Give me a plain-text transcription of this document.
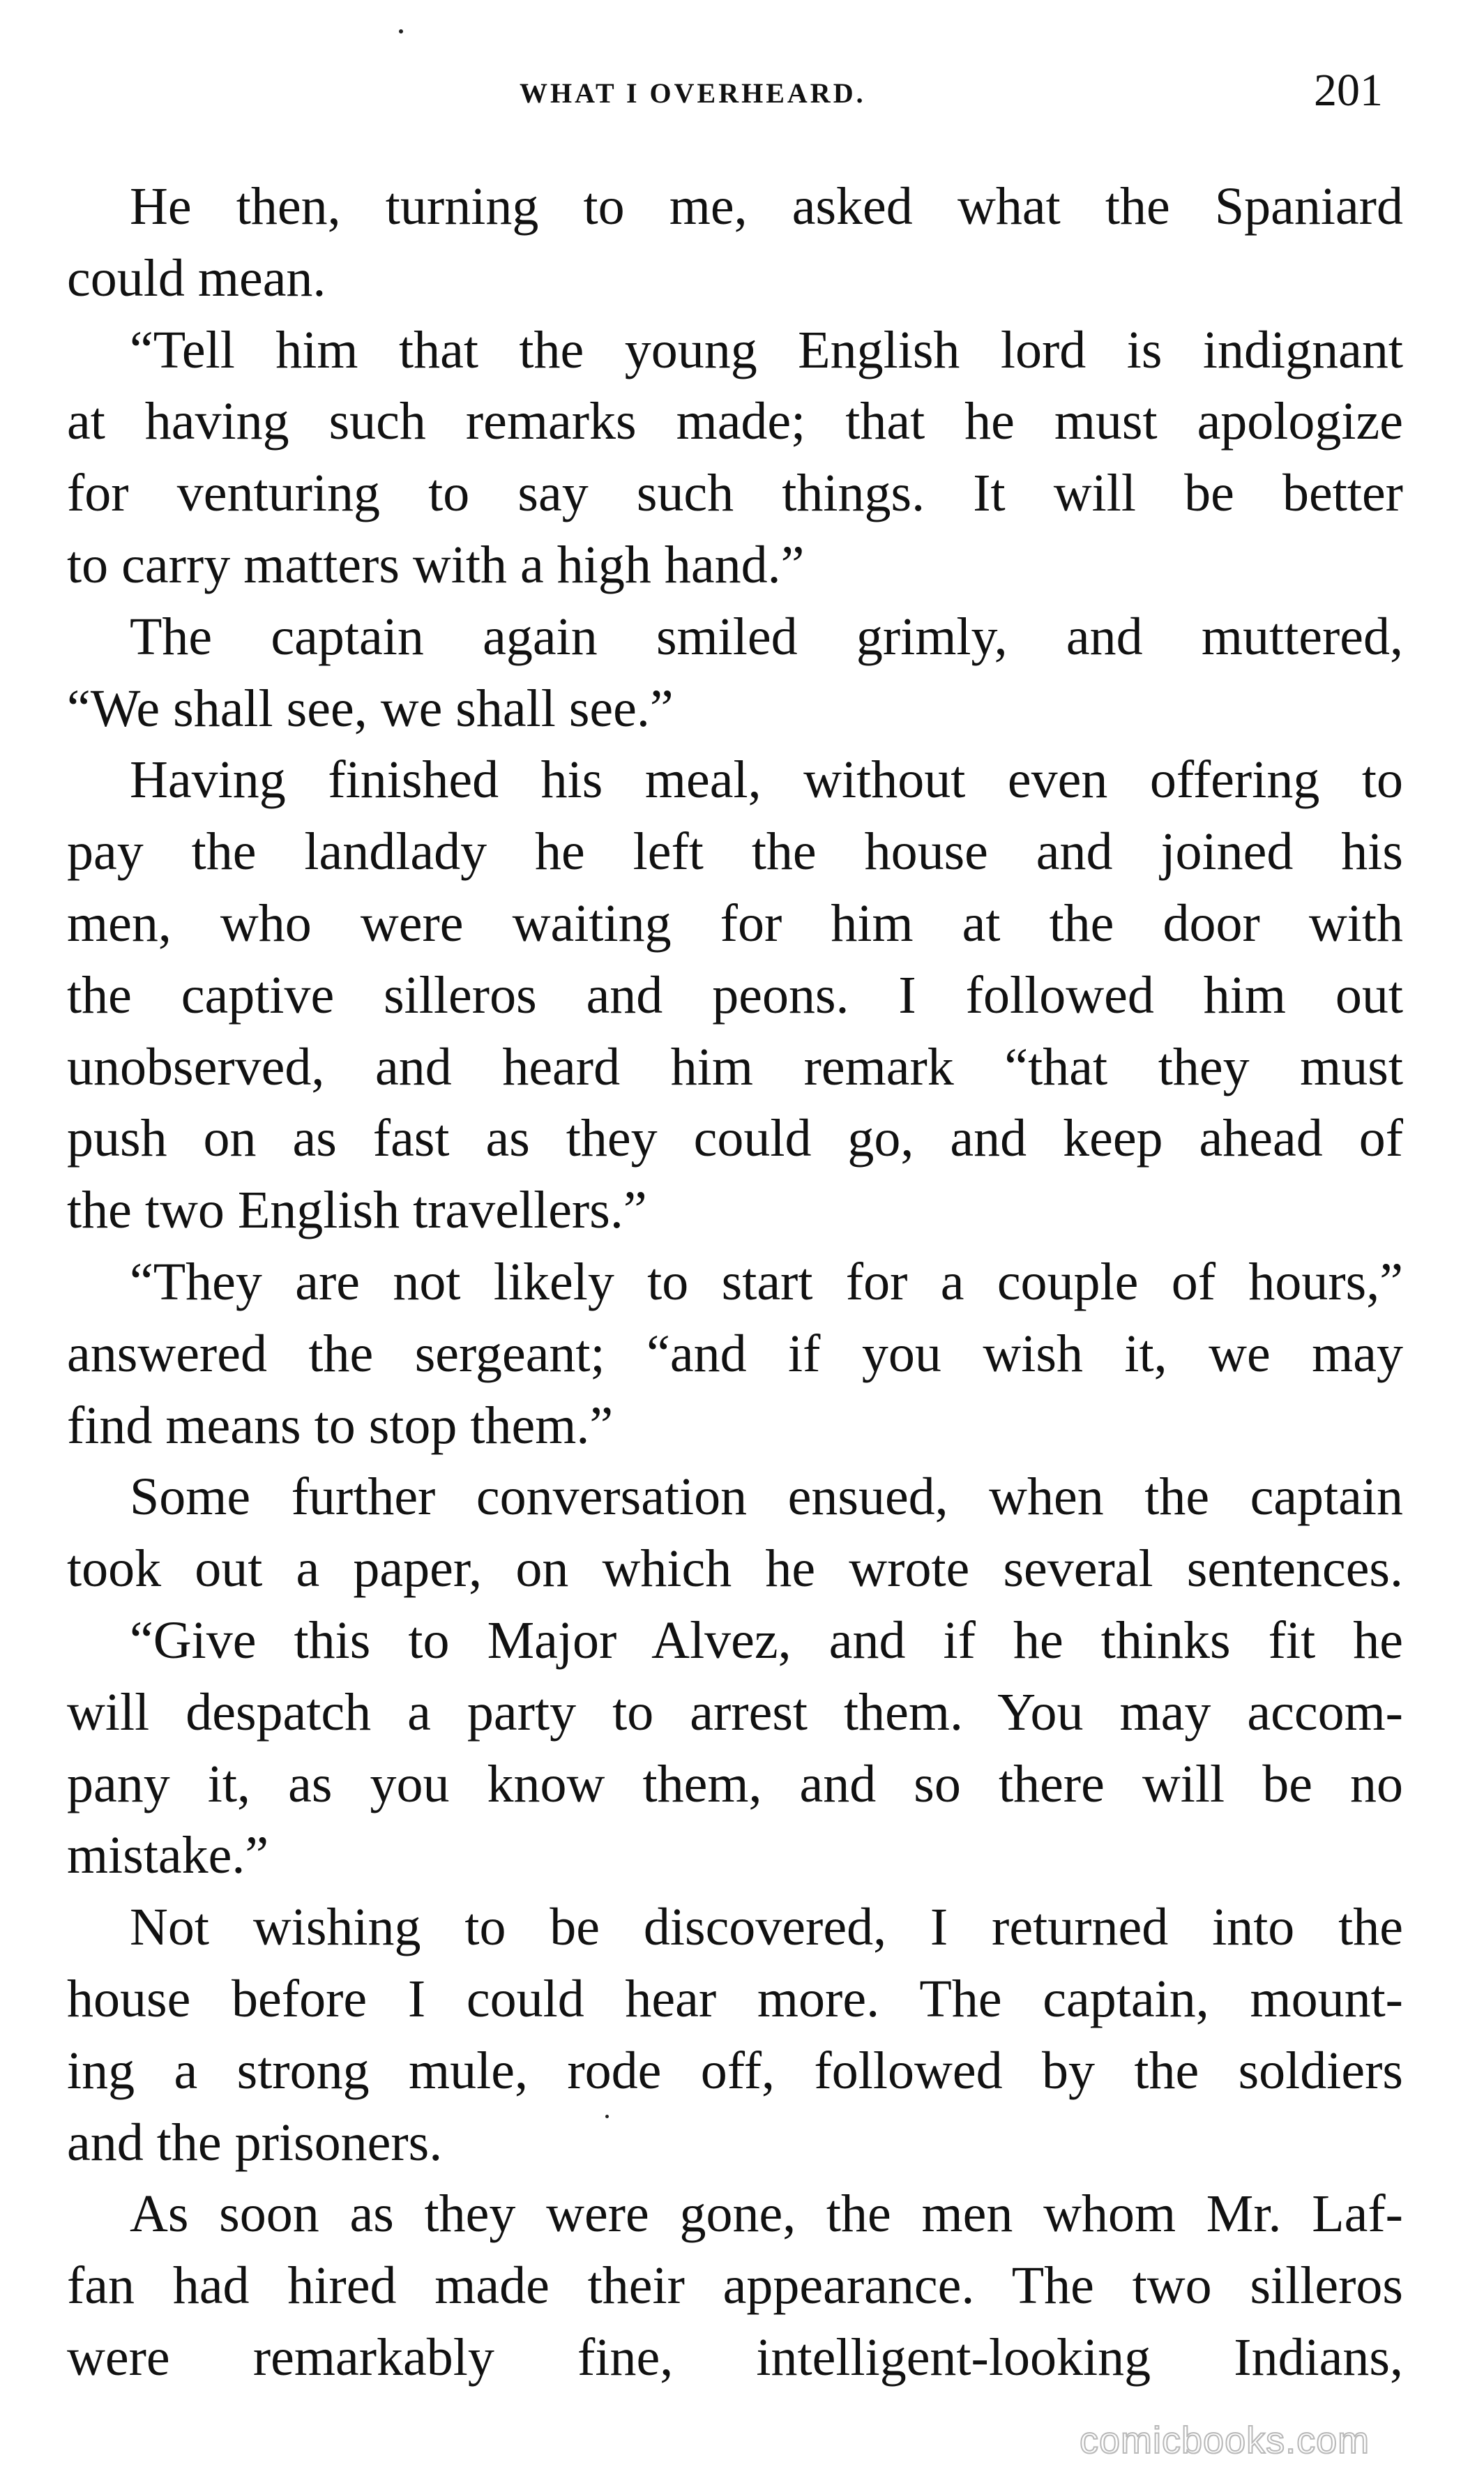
WHAT I OVERHEARD.	201
He then, turning to me, asked what the Spaniard
could mean.
“Tell him that the young English lord is indignant
at having such remarks made; that he must apologize
for venturing to say such things. It will be better
to carry matters with a high hand.”
The captain again smiled grimly, and muttered,
“We shall see, we shall see.”
Having finished his meal, without even offering to
pay the landlady he left the house and joined his
men, who were waiting for him at the door with
the captive silleros and peons. I followed him out
unobserved, and heard him remark “that they must
push on as fast as they could go, and keep ahead of
the two English travellers.”
“They are not likely to start for a couple of hours,”
answered the sergeant; “and if you wish it, we may
find means to stop them.”
Some further conversation ensued, when the captain
took out a paper, on which he wrote several sentences.
“Give this to Major Alvez, and if he thinks fit he
will despatch a party to arrest them. You may accom-
pany it, as you know them, and so there will be no
mistake.”
Not wishing to be discovered, I returned into the
house before I could hear more. The captain, mount-
ing a strong mule, rode off, followed by the soldiers
and the prisoners.
As soon as they were gone, the men whom Mr. Laf-
fan had hired made their appearance. The two silleros
were remarkably fine, intelligent-looking Indians,
comicbooks.com
